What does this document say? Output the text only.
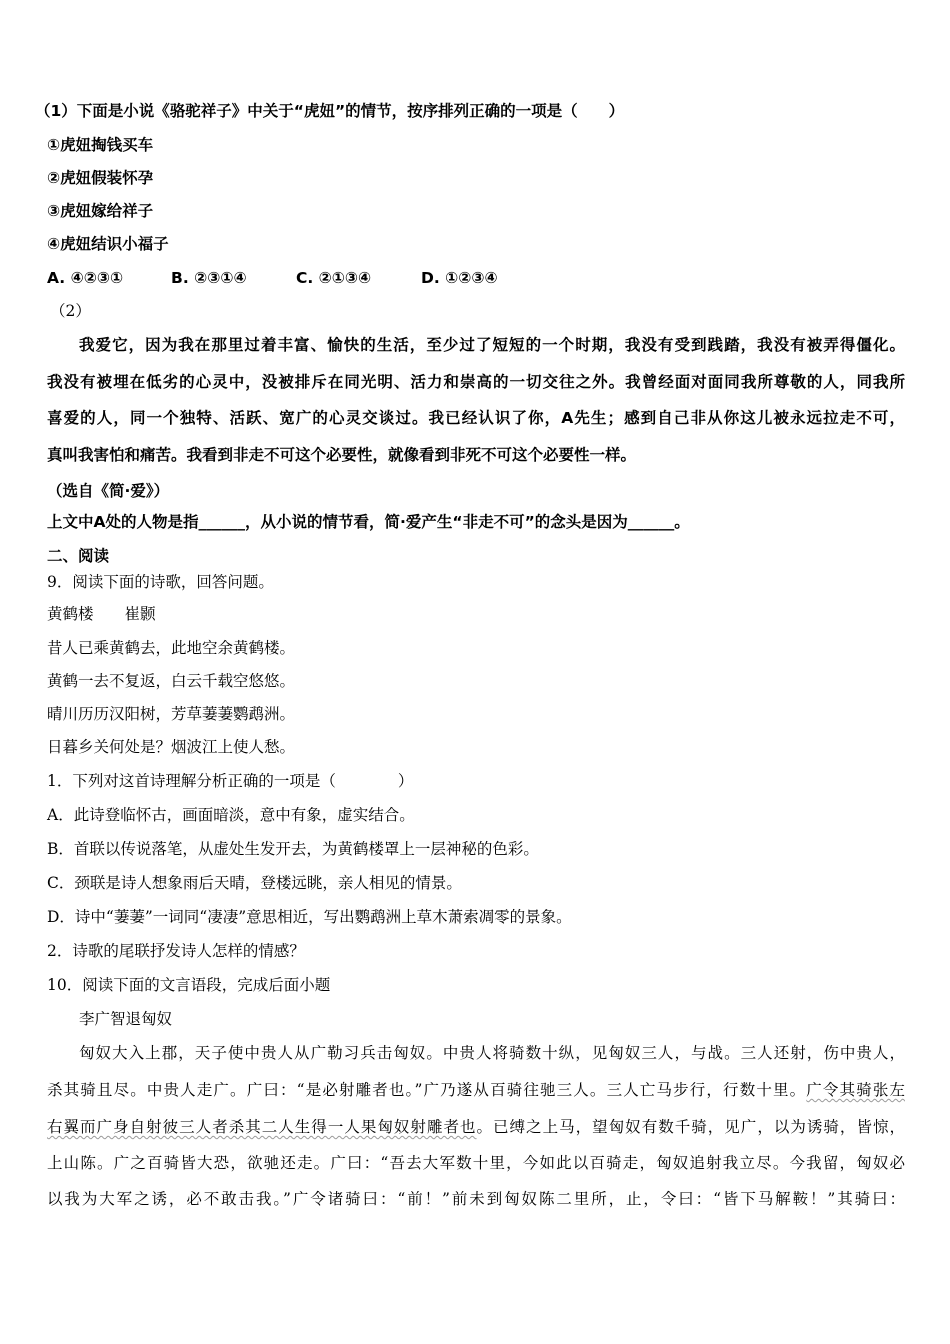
（1）下面是小说《骆驼祥子》中关于“虎妞”的情节，按序排列正确的一项是（　　）
①虎妞掏钱买车
②虎妞假装怀孕
③虎妞嫁给祥子
④虎妞结识小福子
A. ④②③①	B. ②③①④	C. ②①③④	D. ①②③④
（2）
我爱它，因为我在那里过着丰富、愉快的生活，至少过了短短的一个时期，我没有受到践踏，我没有被弄得僵化。
我没有被埋在低劣的心灵中，没被排斥在同光明、活力和崇高的一切交往之外。我曾经面对面同我所尊敬的人，同我所
喜爱的人，同一个独特、活跃、宽广的心灵交谈过。我已经认识了你，A先生；感到自己非从你这儿被永远拉走不可，
真叫我害怕和痛苦。我看到非走不可这个必要性，就像看到非死不可这个必要性一样。
（选自《简·爱》）
上文中A处的人物是指______，从小说的情节看，简·爱产生“非走不可”的念头是因为______。
二、阅读
9．阅读下面的诗歌，回答问题。
黄鹤楼　　崔颢
昔人已乘黄鹤去，此地空余黄鹤楼。
黄鹤一去不复返，白云千载空悠悠。
晴川历历汉阳树，芳草萋萋鹦鹉洲。
日暮乡关何处是？烟波江上使人愁。
1．下列对这首诗理解分析正确的一项是（　　　　）
A．此诗登临怀古，画面暗淡，意中有象，虚实结合。
B．首联以传说落笔，从虚处生发开去，为黄鹤楼罩上一层神秘的色彩。
C．颈联是诗人想象雨后天晴，登楼远眺，亲人相见的情景。
D．诗中“萋萋”一词同“凄凄”意思相近，写出鹦鹉洲上草木萧索凋零的景象。
2．诗歌的尾联抒发诗人怎样的情感？
10．阅读下面的文言语段，完成后面小题
李广智退匈奴
匈奴大入上郡，天子使中贵人从广勒习兵击匈奴。中贵人将骑数十纵，见匈奴三人，与战。三人还射，伤中贵人，
杀其骑且尽。中贵人走广。广曰：“是必射雕者也。”广乃遂从百骑往驰三人。三人亡马步行，行数十里。广令其骑张左
右翼而广身自射彼三人者杀其二人生得一人果匈奴射雕者也。已缚之上马，望匈奴有数千骑，见广，以为诱骑，皆惊，
上山陈。广之百骑皆大恐，欲驰还走。广曰：“吾去大军数十里，今如此以百骑走，匈奴追射我立尽。今我留，匈奴必
以我为大军之诱，必不敢击我。”广令诸骑曰：“前！”前未到匈奴陈二里所，止，令曰：“皆下马解鞍！”其骑曰：
